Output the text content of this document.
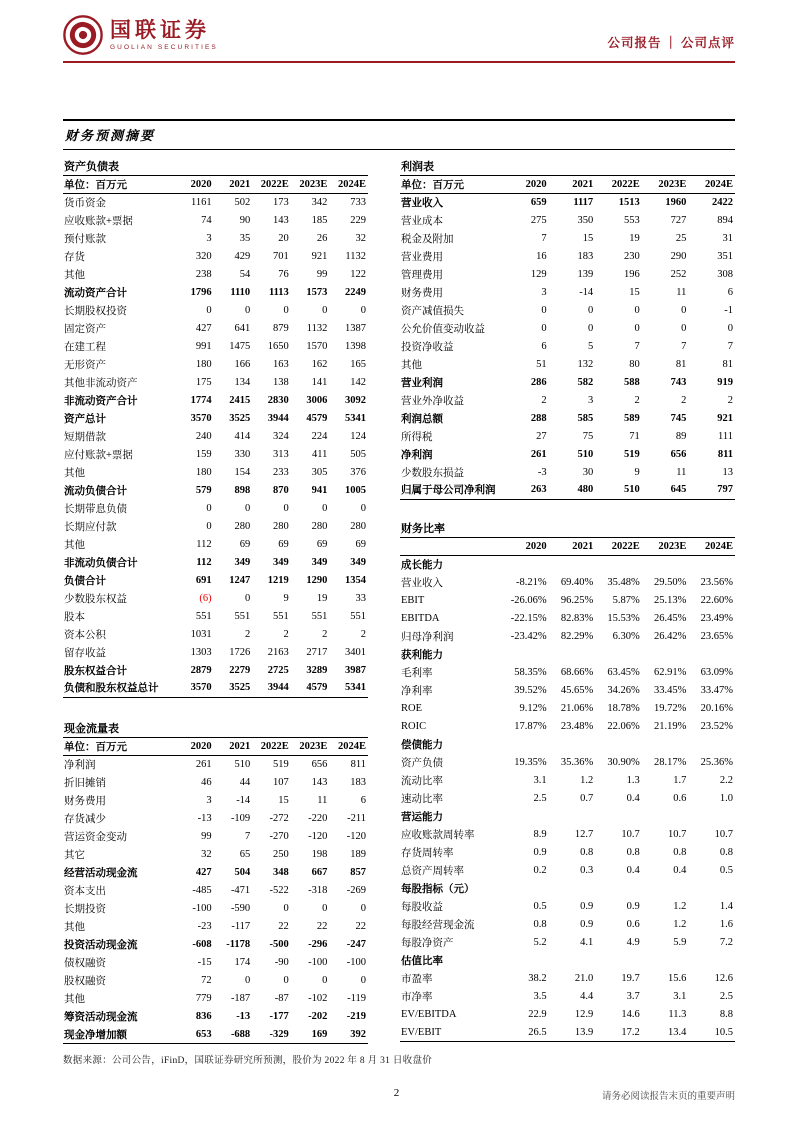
国联证券
GUOLIAN SECURITIES	公司报告 ｜ 公司点评
财务预测摘要
资产负债表					
单位：百万元	2020	2021	2022E	2023E	2024E
货币资金	1161	502	173	342	733
应收账款+票据	74	90	143	185	229
预付账款	3	35	20	26	32
存货	320	429	701	921	1132
其他	238	54	76	99	122
流动资产合计	1796	1110	1113	1573	2249
长期股权投资	0	0	0	0	0
固定资产	427	641	879	1132	1387
在建工程	991	1475	1650	1570	1398
无形资产	180	166	163	162	165
其他非流动资产	175	134	138	141	142
非流动资产合计	1774	2415	2830	3006	3092
资产总计	3570	3525	3944	4579	5341
短期借款	240	414	324	224	124
应付账款+票据	159	330	313	411	505
其他	180	154	233	305	376
流动负债合计	579	898	870	941	1005
长期带息负债	0	0	0	0	0
长期应付款	0	280	280	280	280
其他	112	69	69	69	69
非流动负债合计	112	349	349	349	349
负债合计	691	1247	1219	1290	1354
少数股东权益	(6)	0	9	19	33
股本	551	551	551	551	551
资本公积	1031	2	2	2	2
留存收益	1303	1726	2163	2717	3401
股东权益合计	2879	2279	2725	3289	3987
负债和股东权益总计	3570	3525	3944	4579	5341
现金流量表					
单位：百万元	2020	2021	2022E	2023E	2024E
净利润	261	510	519	656	811
折旧摊销	46	44	107	143	183
财务费用	3	-14	15	11	6
存货减少	-13	-109	-272	-220	-211
营运资金变动	99	7	-270	-120	-120
其它	32	65	250	198	189
经营活动现金流	427	504	348	667	857
资本支出	-485	-471	-522	-318	-269
长期投资	-100	-590	0	0	0
其他	-23	-117	22	22	22
投资活动现金流	-608	-1178	-500	-296	-247
债权融资	-15	174	-90	-100	-100
股权融资	72	0	0	0	0
其他	779	-187	-87	-102	-119
筹资活动现金流	836	-13	-177	-202	-219
现金净增加额	653	-688	-329	169	392
利润表					
单位：百万元	2020	2021	2022E	2023E	2024E
营业收入	659	1117	1513	1960	2422
营业成本	275	350	553	727	894
税金及附加	7	15	19	25	31
营业费用	16	183	230	290	351
管理费用	129	139	196	252	308
财务费用	3	-14	15	11	6
资产减值损失	0	0	0	0	-1
公允价值变动收益	0	0	0	0	0
投资净收益	6	5	7	7	7
其他	51	132	80	81	81
营业利润	286	582	588	743	919
营业外净收益	2	3	2	2	2
利润总额	288	585	589	745	921
所得税	27	75	71	89	111
净利润	261	510	519	656	811
少数股东损益	-3	30	9	11	13
归属于母公司净利润	263	480	510	645	797
财务比率					
	2020	2021	2022E	2023E	2024E
成长能力					
营业收入	-8.21%	69.40%	35.48%	29.50%	23.56%
EBIT	-26.06%	96.25%	5.87%	25.13%	22.60%
EBITDA	-22.15%	82.83%	15.53%	26.45%	23.49%
归母净利润	-23.42%	82.29%	6.30%	26.42%	23.65%
获利能力					
毛利率	58.35%	68.66%	63.45%	62.91%	63.09%
净利率	39.52%	45.65%	34.26%	33.45%	33.47%
ROE	9.12%	21.06%	18.78%	19.72%	20.16%
ROIC	17.87%	23.48%	22.06%	21.19%	23.52%
偿债能力					
资产负债	19.35%	35.36%	30.90%	28.17%	25.36%
流动比率	3.1	1.2	1.3	1.7	2.2
速动比率	2.5	0.7	0.4	0.6	1.0
营运能力					
应收账款周转率	8.9	12.7	10.7	10.7	10.7
存货周转率	0.9	0.8	0.8	0.8	0.8
总资产周转率	0.2	0.3	0.4	0.4	0.5
每股指标（元）					
每股收益	0.5	0.9	0.9	1.2	1.4
每股经营现金流	0.8	0.9	0.6	1.2	1.6
每股净资产	5.2	4.1	4.9	5.9	7.2
估值比率					
市盈率	38.2	21.0	19.7	15.6	12.6
市净率	3.5	4.4	3.7	3.1	2.5
EV/EBITDA	22.9	12.9	14.6	11.3	8.8
EV/EBIT	26.5	13.9	17.2	13.4	10.5
数据来源：公司公告，iFinD，国联证券研究所预测，股价为 2022 年 8 月 31 日收盘价
2	请务必阅读报告末页的重要声明
